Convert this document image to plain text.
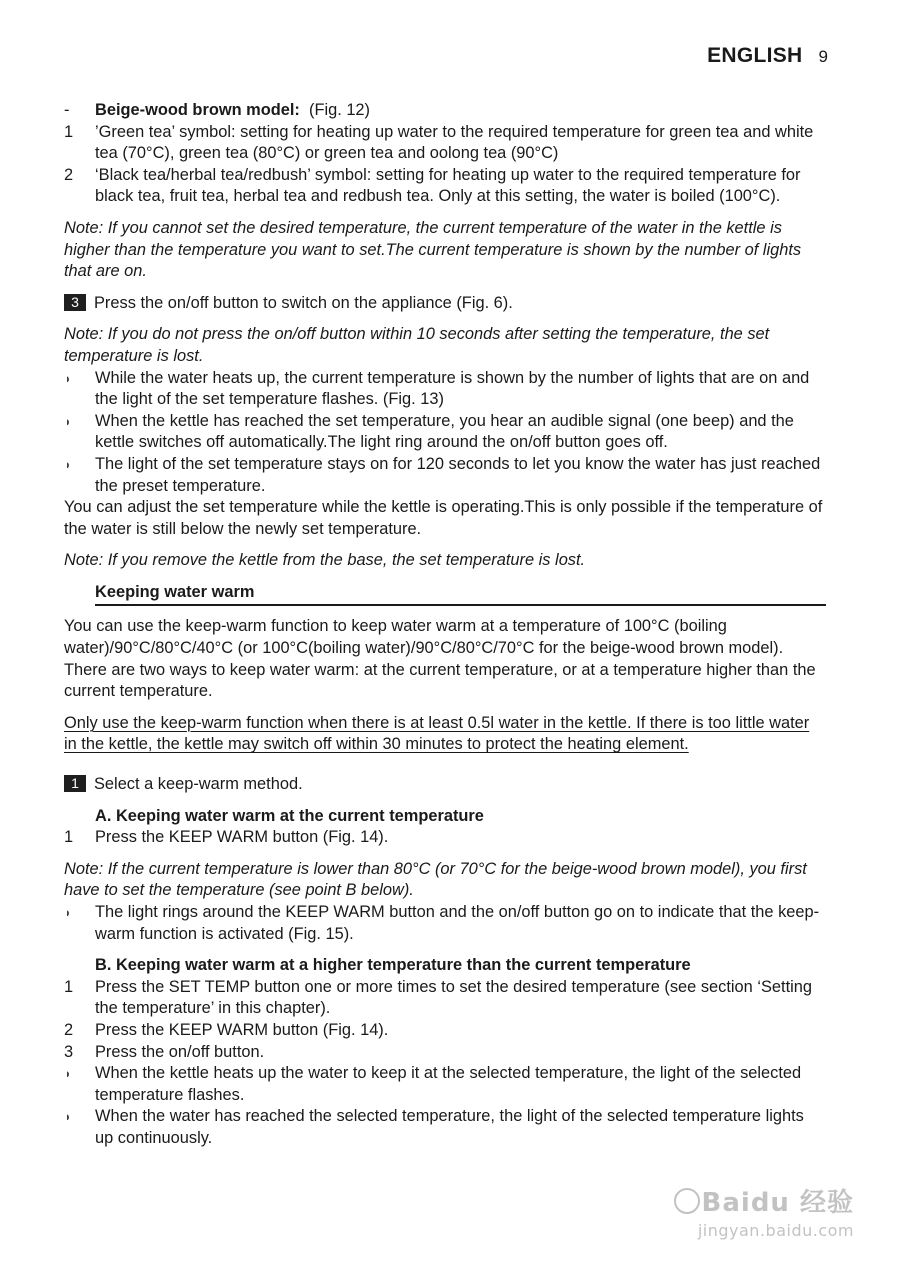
ENGLISH 9
-	Beige-wood brown model: (Fig. 12)
1	’Green tea’ symbol: setting for heating up water to the required temperature for green tea and white tea (70°C), green tea (80°C) or green tea and oolong tea (90°C)
2	‘Black tea/herbal tea/redbush’ symbol: setting for heating up water to the required temperature for black tea, fruit tea, herbal tea and redbush tea. Only at this setting, the water is boiled (100°C).
Note: If you cannot set the desired temperature, the current temperature of the water in the kettle is higher than the temperature you want to set.The current temperature is shown by the number of lights that are on.
3 Press the on/off button to switch on the appliance (Fig. 6).
Note: If you do not press the on/off button within 10 seconds after setting the temperature, the set temperature is lost.
◗	While the water heats up, the current temperature is shown by the number of lights that are on and the light of the set temperature flashes. (Fig. 13)
◗	When the kettle has reached the set temperature, you hear an audible signal (one beep) and the kettle switches off automatically.The light ring around the on/off button goes off.
◗	The light of the set temperature stays on for 120 seconds to let you know the water has just reached the preset temperature.
You can adjust the set temperature while the kettle is operating.This is only possible if the temperature of the water is still below the newly set temperature.
Note: If you remove the kettle from the base, the set temperature is lost.
Keeping water warm
You can use the keep-warm function to keep water warm at a temperature of 100°C (boiling water)/90°C/80°C/40°C (or 100°C(boiling water)/90°C/80°C/70°C for the beige-wood brown model).
There are two ways to keep water warm: at the current temperature, or at a temperature higher than the current temperature.
Only use the keep-warm function when there is at least 0.5l water in the kettle. If there is too little water in the kettle, the kettle may switch off within 30 minutes to protect the heating element.
1 Select a keep-warm method.
A. Keeping water warm at the current temperature
1	Press the KEEP WARM button (Fig. 14).
Note: If the current temperature is lower than 80°C (or 70°C for the beige-wood brown model), you first have to set the temperature (see point B below).
◗	The light rings around the KEEP WARM button and the on/off button go on to indicate that the keep-warm function is activated (Fig. 15).
B. Keeping water warm at a higher temperature than the current temperature
1	Press the SET TEMP button one or more times to set the desired temperature (see section ‘Setting the temperature’ in this chapter).
2	Press the KEEP WARM button (Fig. 14).
3	Press the on/off button.
◗	When the kettle heats up the water to keep it at the selected temperature, the light of the selected temperature flashes.
◗	When the water has reached the selected temperature, the light of the selected temperature lights up continuously.
Baidu 经验
jingyan.baidu.com
